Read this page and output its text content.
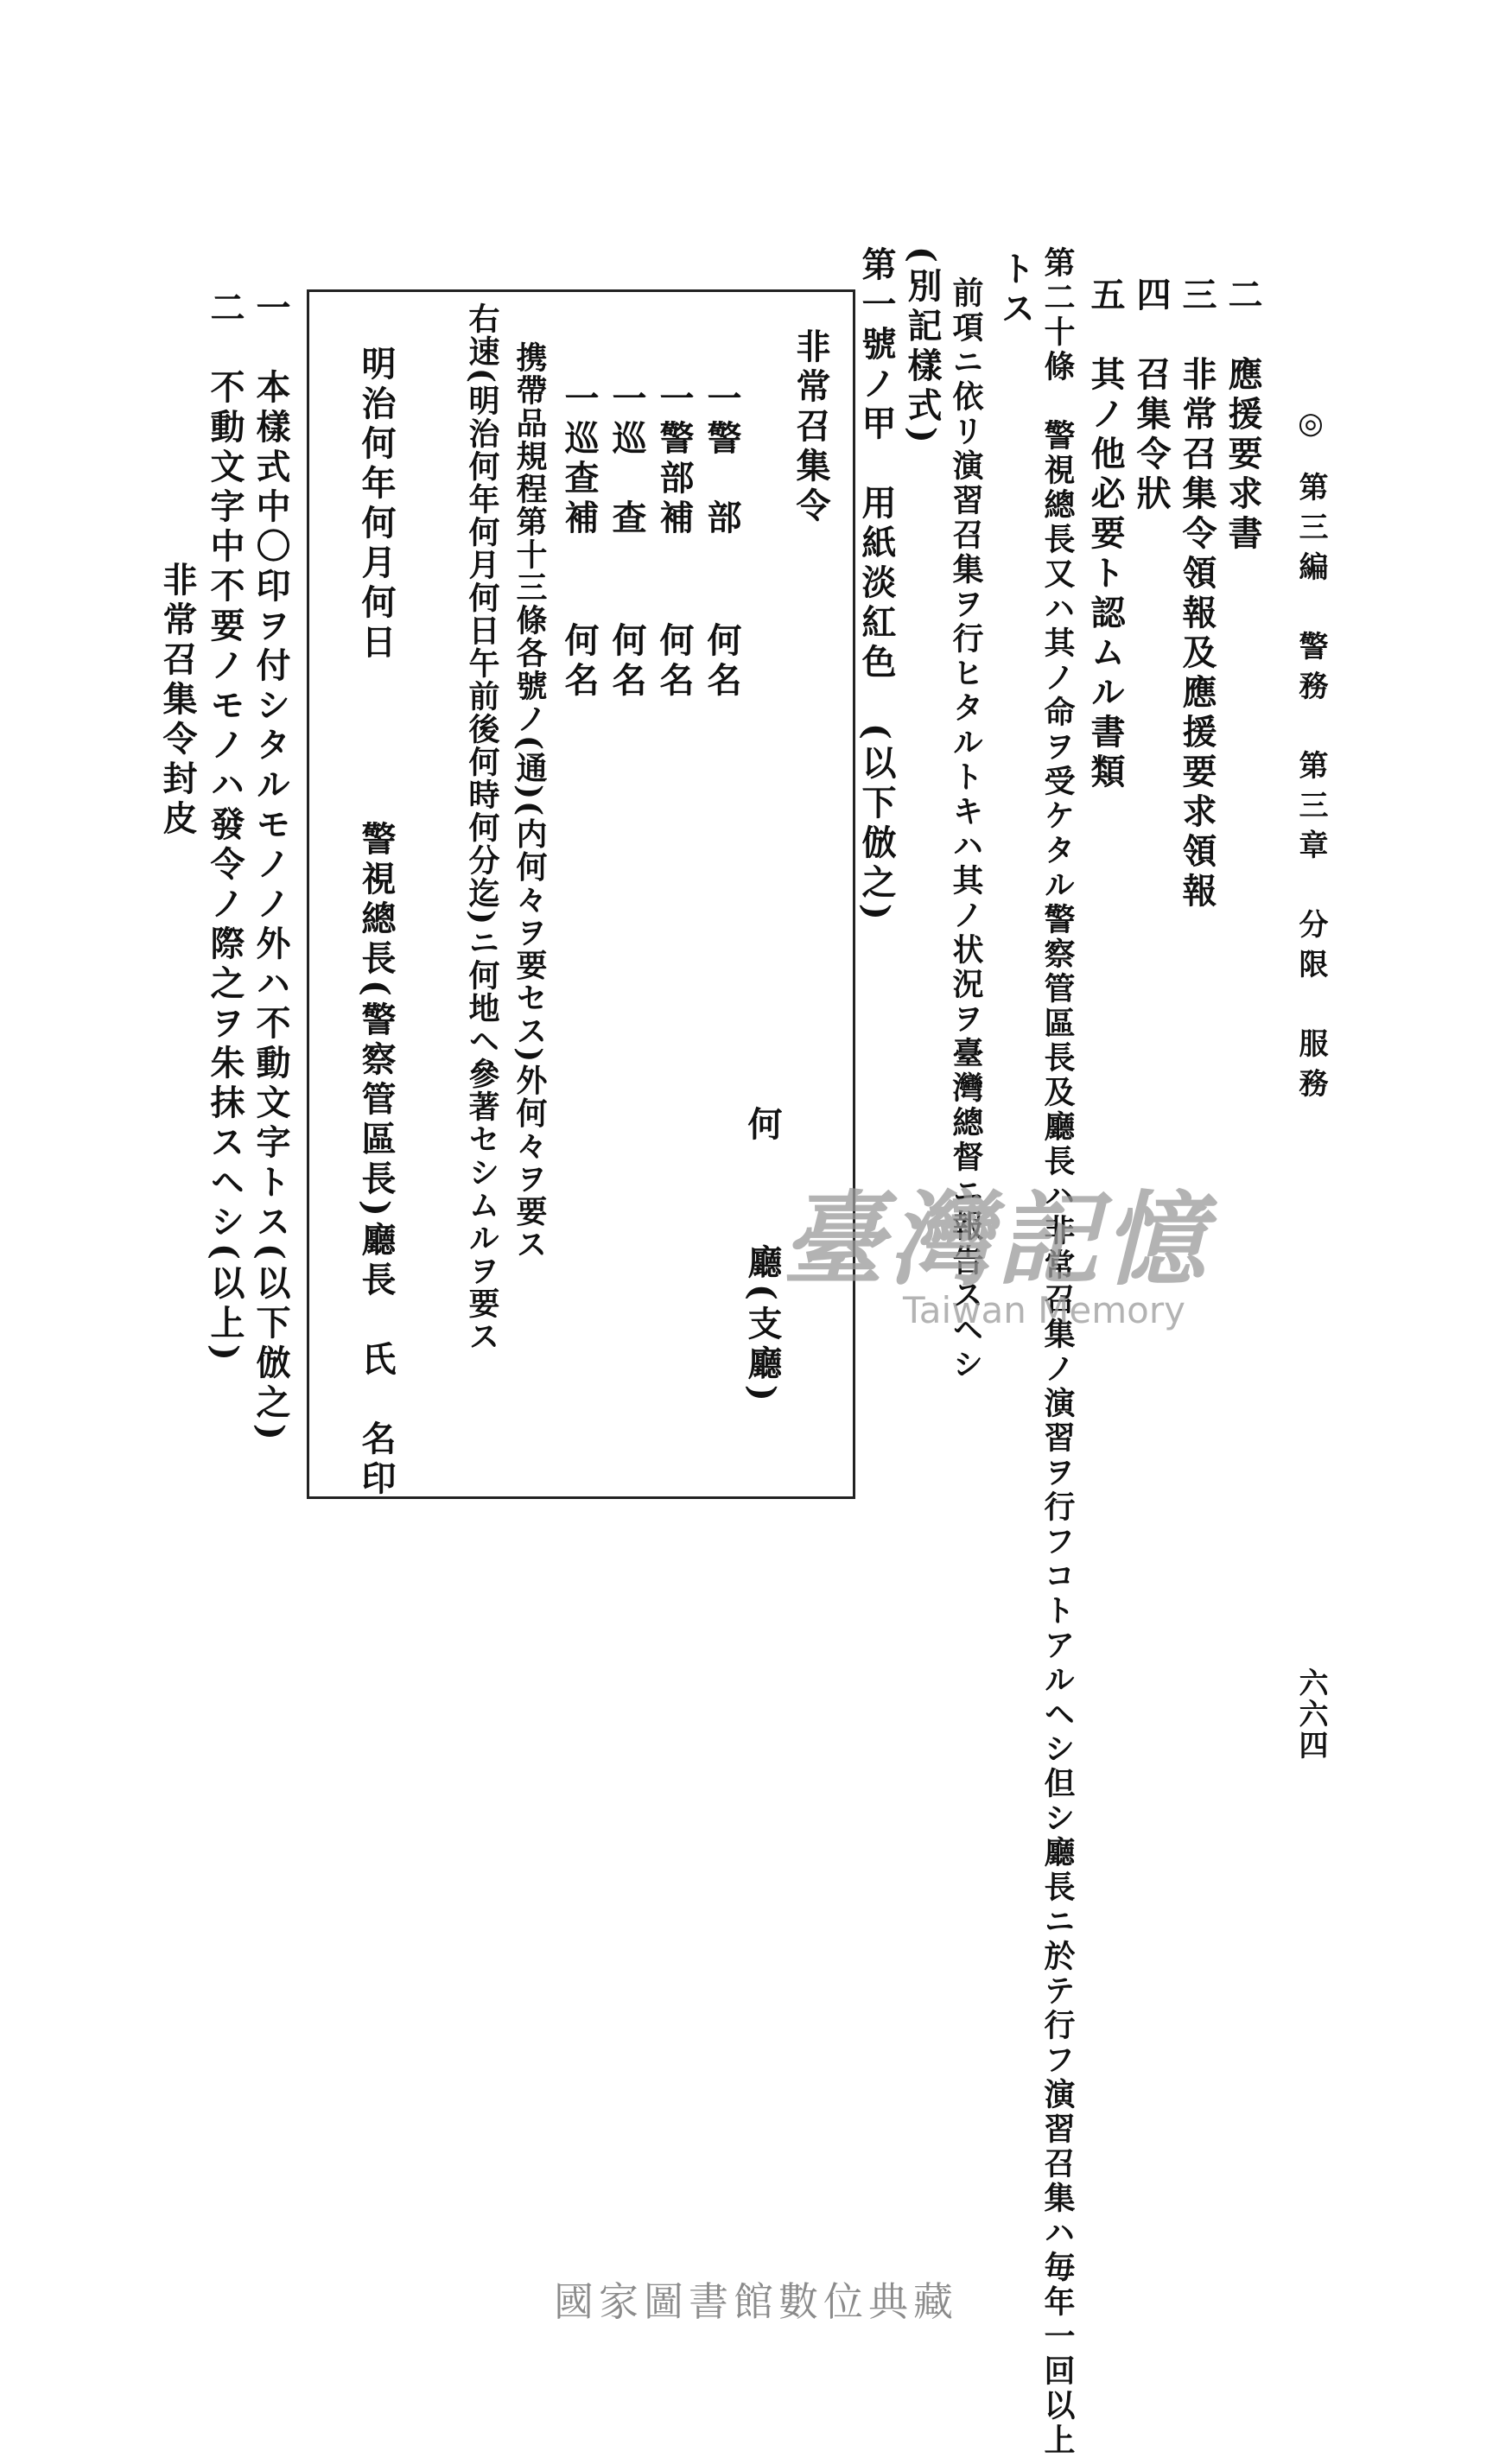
◎ 第三編　警務　第三章　分限　服務
六六四
二　應援要求書
三　非常召集令領報及應援要求領報
四　召集令狀
五　其ノ他必要ト認ムル書類
第二十條　警視總長又ハ其ノ命ヲ受ケタル警察管區長及廳長ハ非常召集ノ演習ヲ行フコトアルヘシ但シ廳長ニ於テ行フ演習召集ハ毎年一回以上
トス
前項ニ依リ演習召集ヲ行ヒタルトキハ其ノ状況ヲ臺灣總督ニ報告スヘシ
(別記樣式)
第一號ノ甲　用紙淡紅色　(以下倣之)
非常召集令
何
廳(支廳)
一警　部
何名
一警部補
何名
一巡　查
何名
一巡查補
何名
携帶品規程第十三條各號ノ(通)(内何々ヲ要セス)外何々ヲ要ス
右速(明治何年何月何日午前後何時何分迄)ニ何地ヘ參著セシムルヲ要ス
明治何年何月何日
警視總長(警察管區長)廳長　氏　名印
一　本樣式中〇印ヲ付シタルモノノ外ハ不動文字トス(以下倣之)
二　不動文字中不要ノモノハ發令ノ際之ヲ朱抹スヘシ(以上)
非常召集令封皮
臺灣記憶
Taiwan Memory
國家圖書館數位典藏
